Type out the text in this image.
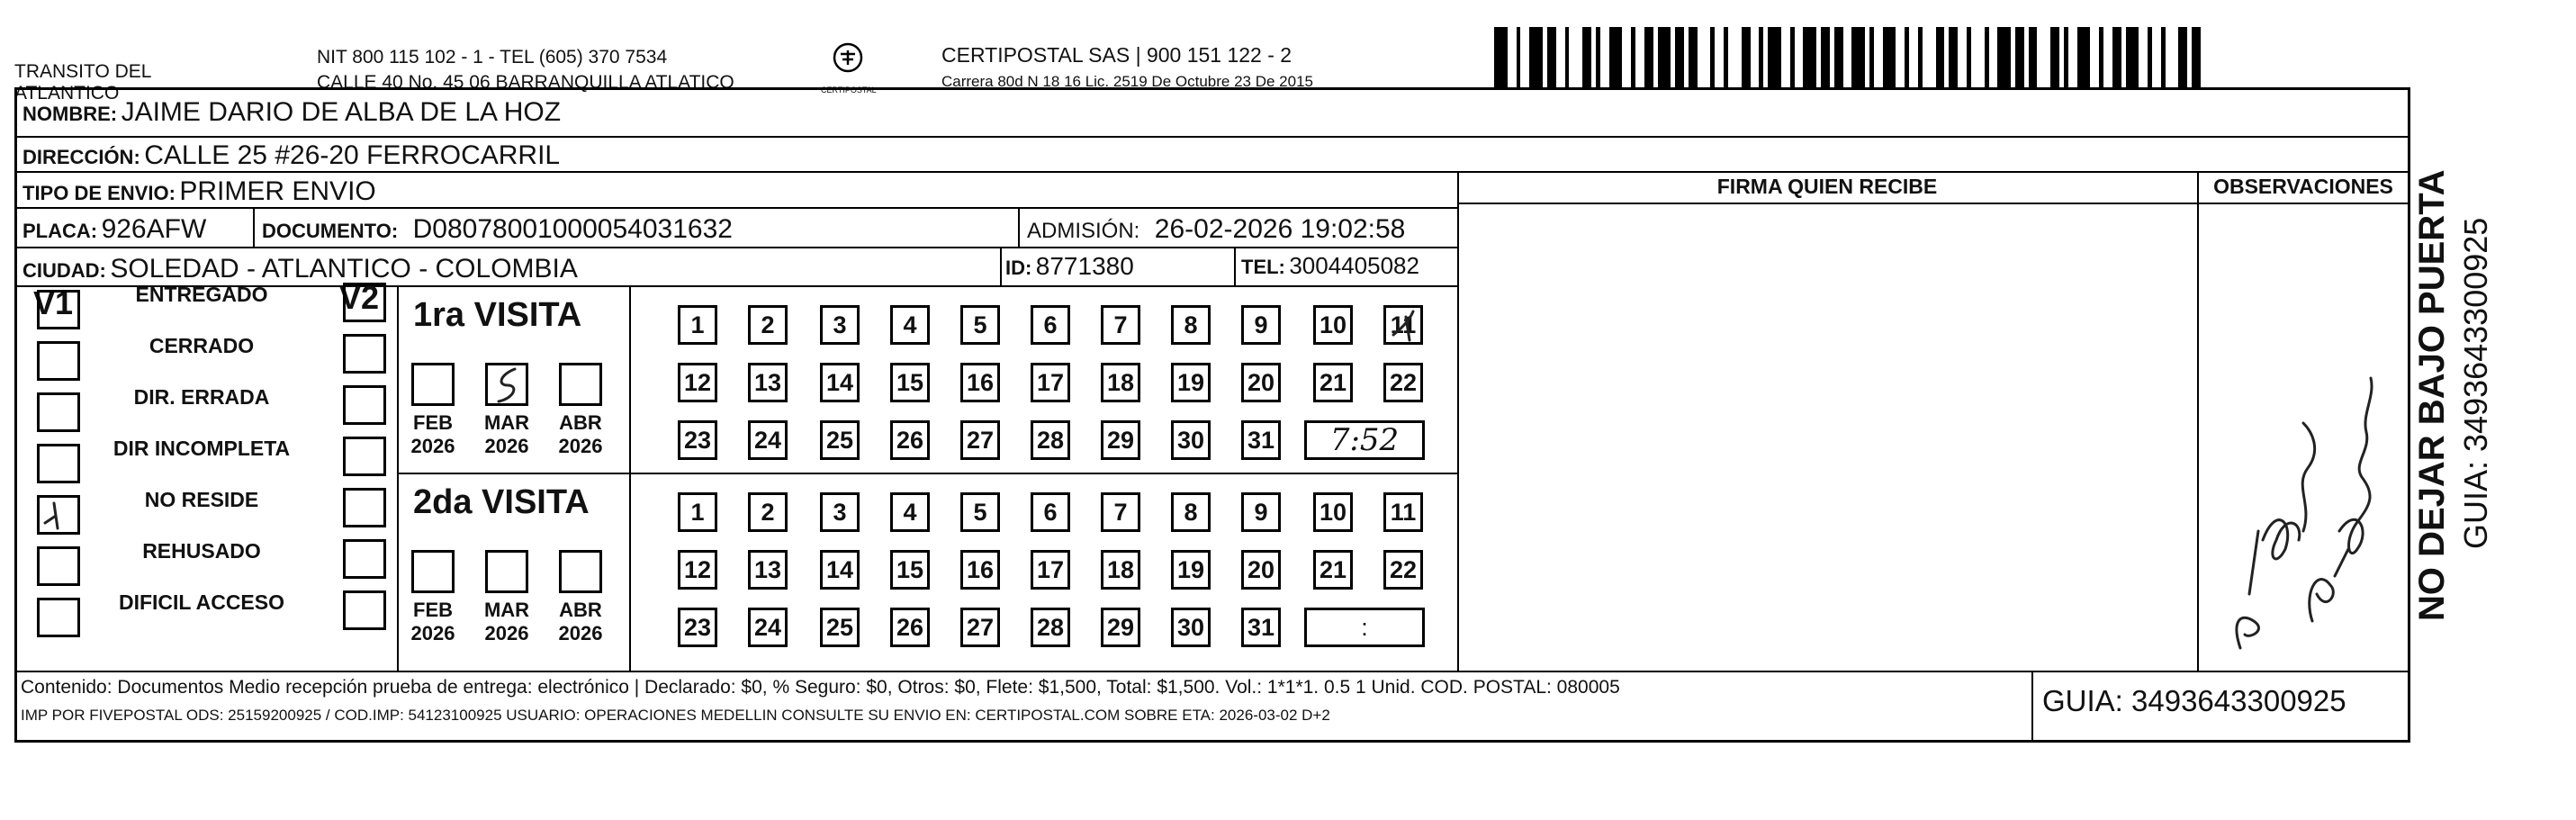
TRANSITO DEL
ATLANTICO
NIT 800 115 102 - 1 - TEL (605) 370 7534
CALLE 40 No. 45 06 BARRANQUILLA ATLATICO	CERTIPOSTAL
CERTIPOSTAL SAS | 900 151 122 - 2
Carrera 80d N 18 16 Lic. 2519 De Octubre 23 De 2015
NOMBRE: JAIME DARIO DE ALBA DE LA HOZ
DIRECCIÓN: CALLE 25 #26-20 FERROCARRIL
TIPO DE ENVIO: PRIMER ENVIO
PLACA: 926AFW	DOCUMENTO: D08078001000054031632	ADMISIÓN: 26-02-2026 19:02:58
CIUDAD: SOLEDAD - ATLANTICO - COLOMBIA	ID: 8771380	TEL: 3004405082
FIRMA QUIEN RECIBE	OBSERVACIONES
V1	V2
ENTREGADO
CERRADO
DIR. ERRADA
DIR INCOMPLETA
NO RESIDE
REHUSADO
DIFICIL ACCESO
1ra VISITA
FEB
2026
MAR
2026
ABR
2026
1 2 3 4 5 6 7 8 9 10 11
12 13 14 15 16 17 18 19 20 21 22
23 24 25 26 27 28 29 30 31 7:52
2da VISITA
FEB
2026
MAR
2026
ABR
2026
1 2 3 4 5 6 7 8 9 10 11
12 13 14 15 16 17 18 19 20 21 22
23 24 25 26 27 28 29 30 31	:
Contenido: Documentos Medio recepción prueba de entrega: electrónico | Declarado: $0, % Seguro: $0, Otros: $0, Flete: $1,500, Total: $1,500. Vol.: 1*1*1. 0.5 1 Unid. COD. POSTAL: 080005
IMP POR FIVEPOSTAL ODS: 25159200925 / COD.IMP: 54123100925 USUARIO: OPERACIONES MEDELLIN CONSULTE SU ENVIO EN: CERTIPOSTAL.COM SOBRE ETA: 2026-03-02 D+2	GUIA: 3493643300925
NO DEJAR BAJO PUERTA GUIA: 3493643300925
